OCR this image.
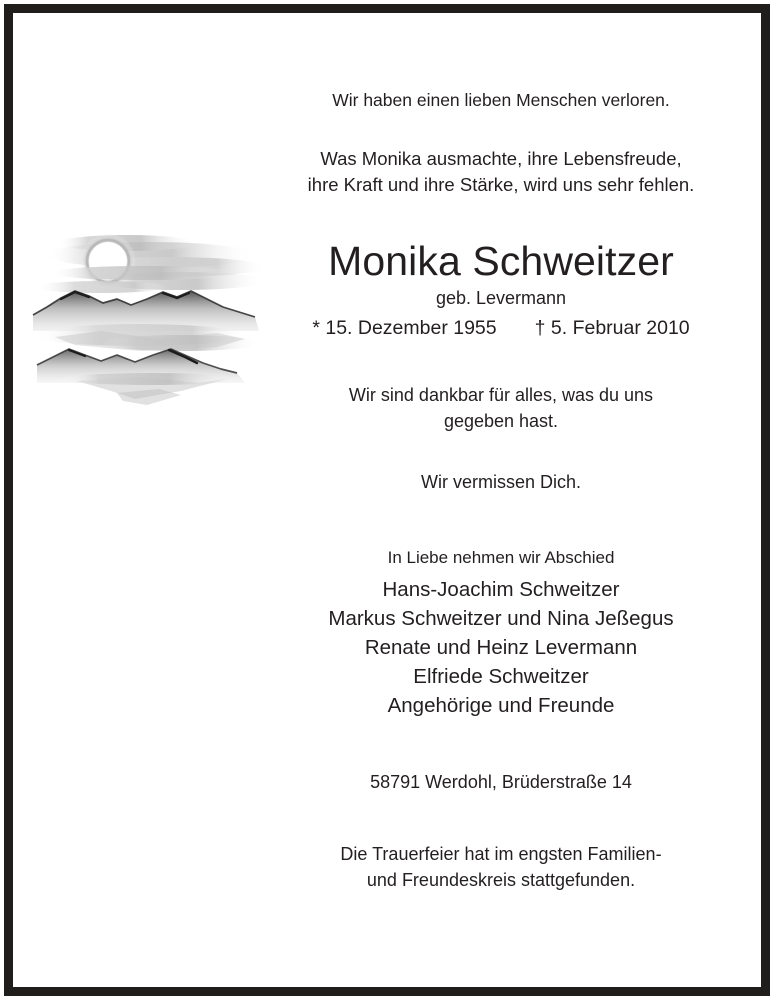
Wir haben einen lieben Menschen verloren.
Was Monika ausmachte, ihre Lebensfreude,
ihre Kraft und ihre Stärke, wird uns sehr fehlen.
Monika Schweitzer
geb. Levermann
* 15. Dezember 1955 † 5. Februar 2010
Wir sind dankbar für alles, was du uns
gegeben hast.
Wir vermissen Dich.
In Liebe nehmen wir Abschied
Hans-Joachim Schweitzer
Markus Schweitzer und Nina Jeßegus
Renate und Heinz Levermann
Elfriede Schweitzer
Angehörige und Freunde
58791 Werdohl, Brüderstraße 14
Die Trauerfeier hat im engsten Familien-
und Freundeskreis stattgefunden.
